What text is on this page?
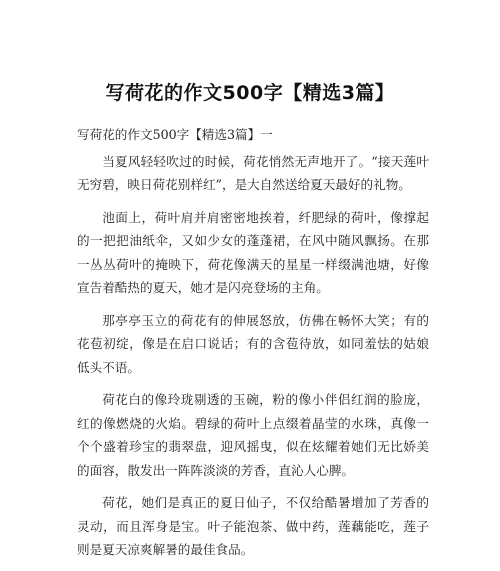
写荷花的作文500字【精选3篇】

写荷花的作文500字【精选3篇】一

当夏风轻轻吹过的时候，荷花悄然无声地开了。“接天莲叶无穷碧，映日荷花别样红”，是大自然送给夏天最好的礼物。

池面上，荷叶肩并肩密密地挨着，纤肥绿的荷叶，像撑起的一把把油纸伞，又如少女的蓬蓬裙，在风中随风飘扬。在那一丛丛荷叶的掩映下，荷花像满天的星星一样缀满池塘，好像宣告着酷热的夏天，她才是闪亮登场的主角。

那亭亭玉立的荷花有的伸展怒放，仿佛在畅怀大笑；有的花苞初绽，像是在启口说话；有的含苞待放，如同羞怯的姑娘低头不语。

荷花白的像玲珑剔透的玉碗，粉的像小伴侣红润的脸庞，红的像燃烧的火焰。碧绿的荷叶上点缀着晶莹的水珠，真像一个个盛着珍宝的翡翠盘，迎风摇曳，似在炫耀着她们无比娇美的面容，散发出一阵阵淡淡的芳香，直沁人心脾。

荷花，她们是真正的夏日仙子，不仅给酷暑增加了芳香的灵动，而且浑身是宝。叶子能泡茶、做中药，莲藕能吃，莲子则是夏天凉爽解暑的最佳食品。
